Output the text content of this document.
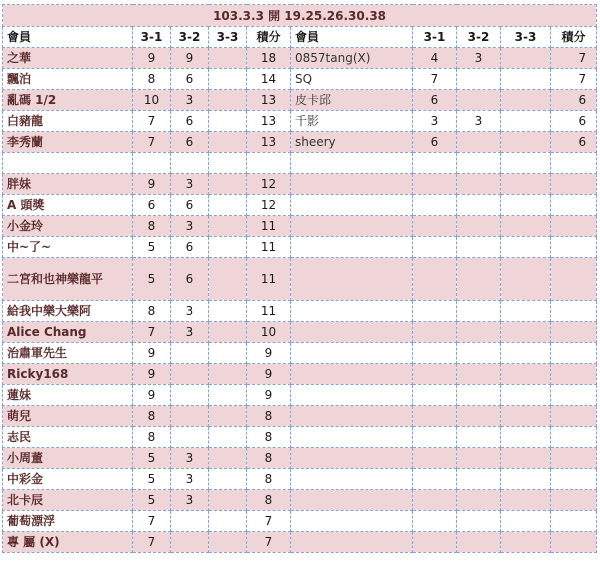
103.3.3 開 19.25.26.30.38									
會員	3-1	3-2	3-3	積分	會員	3-1	3-2	3-3	積分
之華	9	9		18	0857tang(X)	4	3		7
飄泊	8	6		14	SQ	7			7
亂碼 1/2	10	3		13	皮卡邱	6			6
白豬龍	7	6		13	千影	3	3		6
李秀蘭	7	6		13	sheery	6			6

胖妹	9	3		12					
A 頭獎	6	6		12					
小金玲	8	3		11					
中~了~	5	6		11					
二宮和也神樂龍平	5	6		11					
給我中樂大樂阿	8	3		11					
Alice Chang	7	3		10					
治肅軍先生	9			9					
Ricky168	9			9					
蓮妹	9			9					
萌兒	8			8					
志民	8			8					
小周董	5	3		8					
中彩金	5	3		8					
北卡辰	5	3		8					
葡萄漂浮	7			7					
專 屬 (X)	7			7					
